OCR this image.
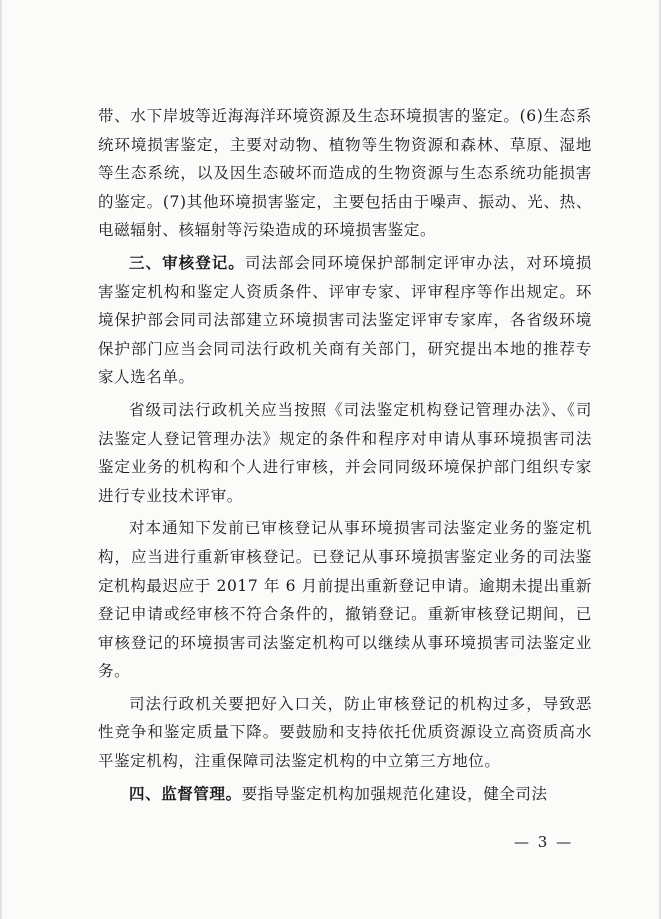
带、水下岸坡等近海海洋环境资源及生态环境损害的鉴定。(6)生态系统环境损害鉴定，主要对动物、植物等生物资源和森林、草原、湿地等生态系统，以及因生态破坏而造成的生物资源与生态系统功能损害的鉴定。(7)其他环境损害鉴定，主要包括由于噪声、振动、光、热、电磁辐射、核辐射等污染造成的环境损害鉴定。

三、审核登记。司法部会同环境保护部制定评审办法，对环境损害鉴定机构和鉴定人资质条件、评审专家、评审程序等作出规定。环境保护部会同司法部建立环境损害司法鉴定评审专家库，各省级环境保护部门应当会同司法行政机关商有关部门，研究提出本地的推荐专家人选名单。

省级司法行政机关应当按照《司法鉴定机构登记管理办法》、《司法鉴定人登记管理办法》规定的条件和程序对申请从事环境损害司法鉴定业务的机构和个人进行审核，并会同同级环境保护部门组织专家进行专业技术评审。

对本通知下发前已审核登记从事环境损害司法鉴定业务的鉴定机构，应当进行重新审核登记。已登记从事环境损害鉴定业务的司法鉴定机构最迟应于 2017 年 6 月前提出重新登记申请。逾期未提出重新登记申请或经审核不符合条件的，撤销登记。重新审核登记期间，已审核登记的环境损害司法鉴定机构可以继续从事环境损害司法鉴定业务。

司法行政机关要把好入口关，防止审核登记的机构过多，导致恶性竞争和鉴定质量下降。要鼓励和支持依托优质资源设立高资质高水平鉴定机构，注重保障司法鉴定机构的中立第三方地位。

四、监督管理。要指导鉴定机构加强规范化建设，健全司法

— 3 —
